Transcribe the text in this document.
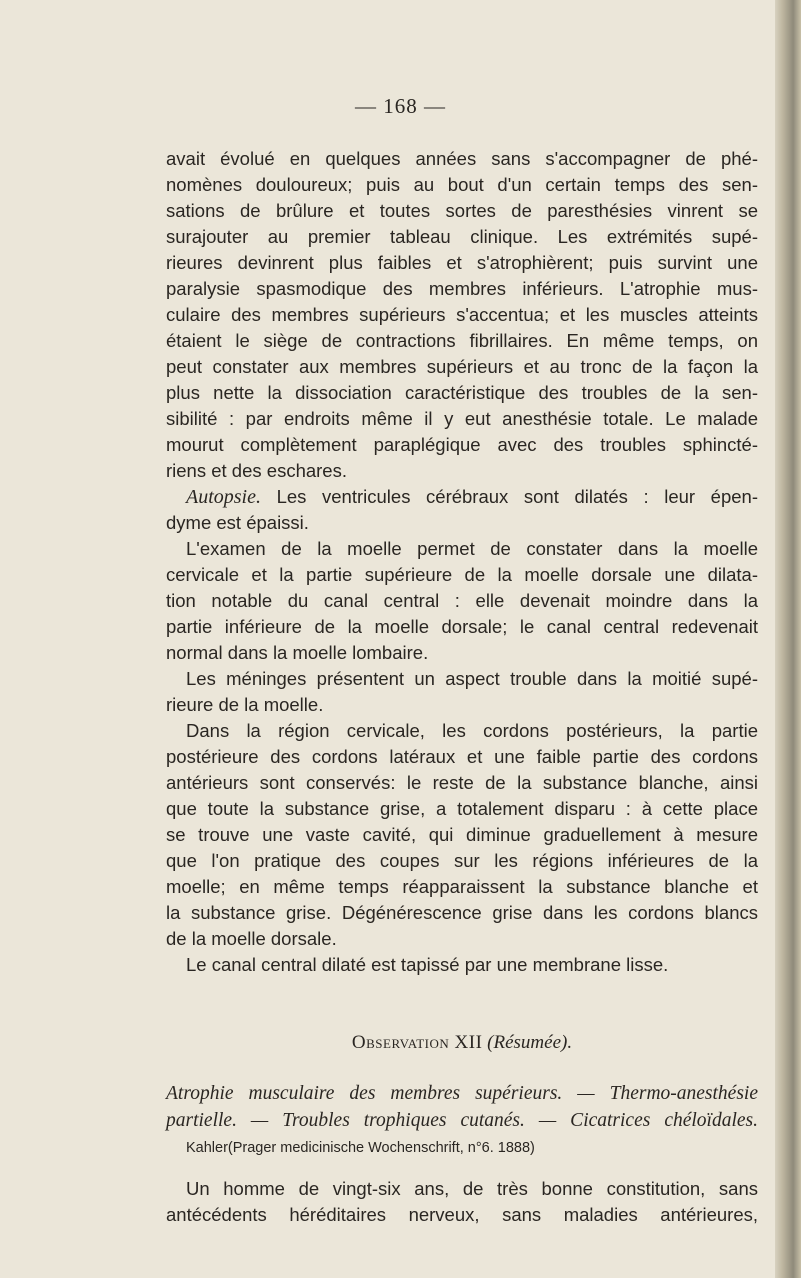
— 168 —
avait évolué en quelques années sans s'accompagner de phé-
nomènes douloureux; puis au bout d'un certain temps des sen-
sations de brûlure et toutes sortes de paresthésies vinrent se
surajouter au premier tableau clinique. Les extrémités supé-
rieures devinrent plus faibles et s'atrophièrent; puis survint une
paralysie spasmodique des membres inférieurs. L'atrophie mus-
culaire des membres supérieurs s'accentua; et les muscles atteints
étaient le siège de contractions fibrillaires. En même temps, on
peut constater aux membres supérieurs et au tronc de la façon la
plus nette la dissociation caractéristique des troubles de la sen-
sibilité : par endroits même il y eut anesthésie totale. Le malade
mourut complètement paraplégique avec des troubles sphincté-
riens et des eschares.
Autopsie. Les ventricules cérébraux sont dilatés : leur épen-
dyme est épaissi.
L'examen de la moelle permet de constater dans la moelle
cervicale et la partie supérieure de la moelle dorsale une dilata-
tion notable du canal central : elle devenait moindre dans la
partie inférieure de la moelle dorsale; le canal central redevenait
normal dans la moelle lombaire.
Les méninges présentent un aspect trouble dans la moitié supé-
rieure de la moelle.
Dans la région cervicale, les cordons postérieurs, la partie
postérieure des cordons latéraux et une faible partie des cordons
antérieurs sont conservés: le reste de la substance blanche, ainsi
que toute la substance grise, a totalement disparu : à cette place
se trouve une vaste cavité, qui diminue graduellement à mesure
que l'on pratique des coupes sur les régions inférieures de la
moelle; en même temps réapparaissent la substance blanche et
la substance grise. Dégénérescence grise dans les cordons blancs
de la moelle dorsale.
Le canal central dilaté est tapissé par une membrane lisse.
Observation XII (Résumée).
Atrophie musculaire des membres supérieurs. — Thermo-anesthésie
partielle. — Troubles trophiques cutanés. — Cicatrices chéloïdales.
Kahler(Prager medicinische Wochenschrift, n°6. 1888)
Un homme de vingt-six ans, de très bonne constitution, sans
antécédents héréditaires nerveux, sans maladies antérieures,
